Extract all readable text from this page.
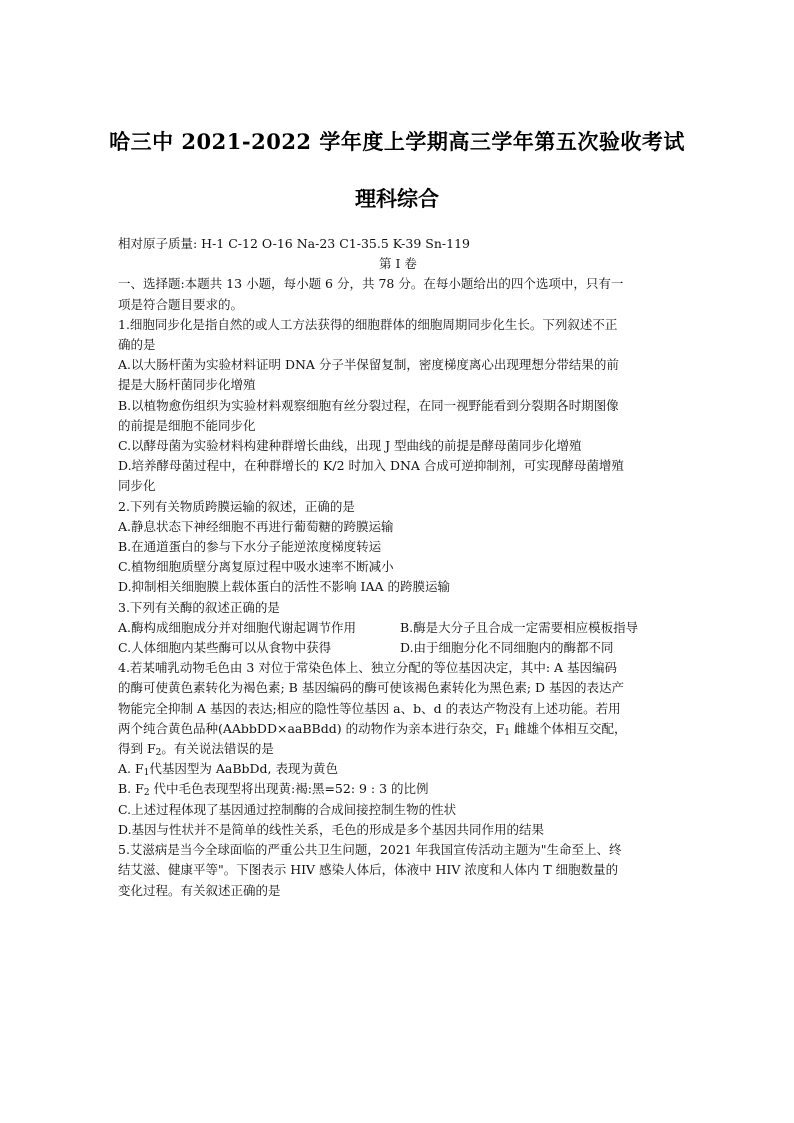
哈三中 2021-2022 学年度上学期高三学年第五次验收考试
理科综合
相对原子质量: H-1 C-12 O-16 Na-23 C1-35.5 K-39 Sn-119
第 I 卷
一、选择题:本题共 13 小题，每小题 6 分，共 78 分。在每小题给出的四个选项中，只有一
项是符合题目要求的。
1.细胞同步化是指自然的或人工方法获得的细胞群体的细胞周期同步化生长。下列叙述不正
确的是
A.以大肠杆菌为实验材料证明 DNA 分子半保留复制，密度梯度离心出现理想分带结果的前
提是大肠杆菌同步化增殖
B.以植物愈伤组织为实验材料观察细胞有丝分裂过程，在同一视野能看到分裂期各时期图像
的前提是细胞不能同步化
C.以酵母菌为实验材料构建种群增长曲线，出现 J 型曲线的前提是酵母菌同步化增殖
D.培养酵母菌过程中，在种群增长的 K/2 时加入 DNA 合成可逆抑制剂，可实现酵母菌增殖
同步化
2.下列有关物质跨膜运输的叙述，正确的是
A.静息状态下神经细胞不再进行葡萄糖的跨膜运输
B.在通道蛋白的参与下水分子能逆浓度梯度转运
C.植物细胞质壁分离复原过程中吸水速率不断减小
D.抑制相关细胞膜上载体蛋白的活性不影响 IAA 的跨膜运输
3.下列有关酶的叙述正确的是
A.酶构成细胞成分并对细胞代谢起调节作用	B.酶是大分子且合成一定需要相应模板指导
C.人体细胞内某些酶可以从食物中获得	D.由于细胞分化不同细胞内的酶都不同
4.若某哺乳动物毛色由 3 对位于常染色体上、独立分配的等位基因决定，其中: A 基因编码
的酶可使黄色素转化为褐色素; B 基因编码的酶可使该褐色素转化为黑色素; D 基因的表达产
物能完全抑制 A 基因的表达;相应的隐性等位基因 a、b、d 的表达产物没有上述功能。若用
两个纯合黄色品种(AAbbDD×aaBBdd) 的动物作为亲本进行杂交，$F_1$ 雌雄个体相互交配，
得到 $F_2$。有关说法错误的是
A. $F_1$代基因型为 AaBbDd, 表现为黄色
B. $F_2$ 代中毛色表现型将出现黄:褐:黑=52: 9 : 3 的比例
C.上述过程体现了基因通过控制酶的合成间接控制生物的性状
D.基因与性状并不是简单的线性关系，毛色的形成是多个基因共同作用的结果
5.艾滋病是当今全球面临的严重公共卫生问题，2021 年我国宣传活动主题为"生命至上、终
结艾滋、健康平等"。下图表示 HIV 感染人体后，体液中 HIV 浓度和人体内 T 细胞数量的
变化过程。有关叙述正确的是
